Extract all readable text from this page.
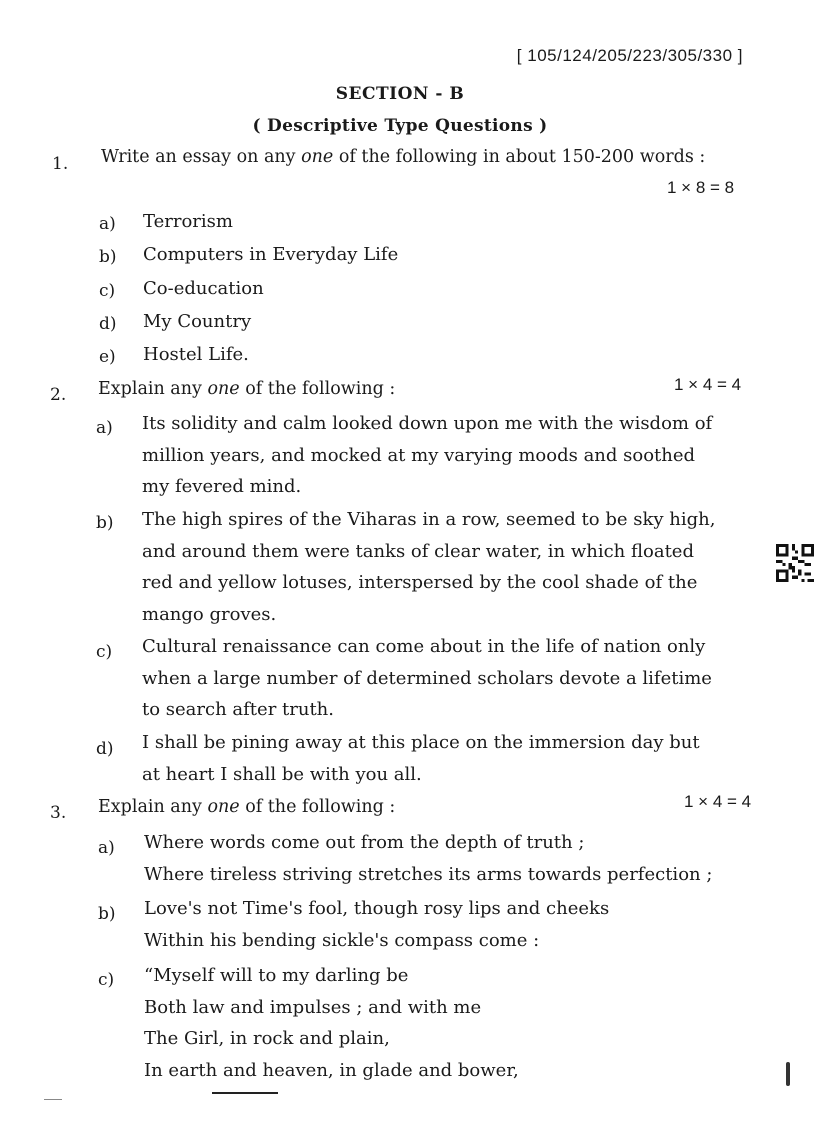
[ 105/124/205/223/305/330 ]
SECTION - B
( Descriptive Type Questions )
1. Write an essay on any one of the following in about 150-200 words :
1 × 8 = 8
a) Terrorism
b) Computers in Everyday Life
c) Co-education
d) My Country
e) Hostel Life.
2. Explain any one of the following :	1 × 4 = 4
a) Its solidity and calm looked down upon me with the wisdom of
million years, and mocked at my varying moods and soothed
my fevered mind.
b) The high spires of the Viharas in a row, seemed to be sky high,
and around them were tanks of clear water, in which floated
red and yellow lotuses, interspersed by the cool shade of the
mango groves.
c) Cultural renaissance can come about in the life of nation only
when a large number of determined scholars devote a lifetime
to search after truth.
d) I shall be pining away at this place on the immersion day but
at heart I shall be with you all.
3. Explain any one of the following :	1 × 4 = 4
a) Where words come out from the depth of truth ;
Where tireless striving stretches its arms towards perfection ;
b) Love's not Time's fool, though rosy lips and cheeks
Within his bending sickle's compass come :
c) “Myself will to my darling be
Both law and impulses ; and with me
The Girl, in rock and plain,
In earth and heaven, in glade and bower,
